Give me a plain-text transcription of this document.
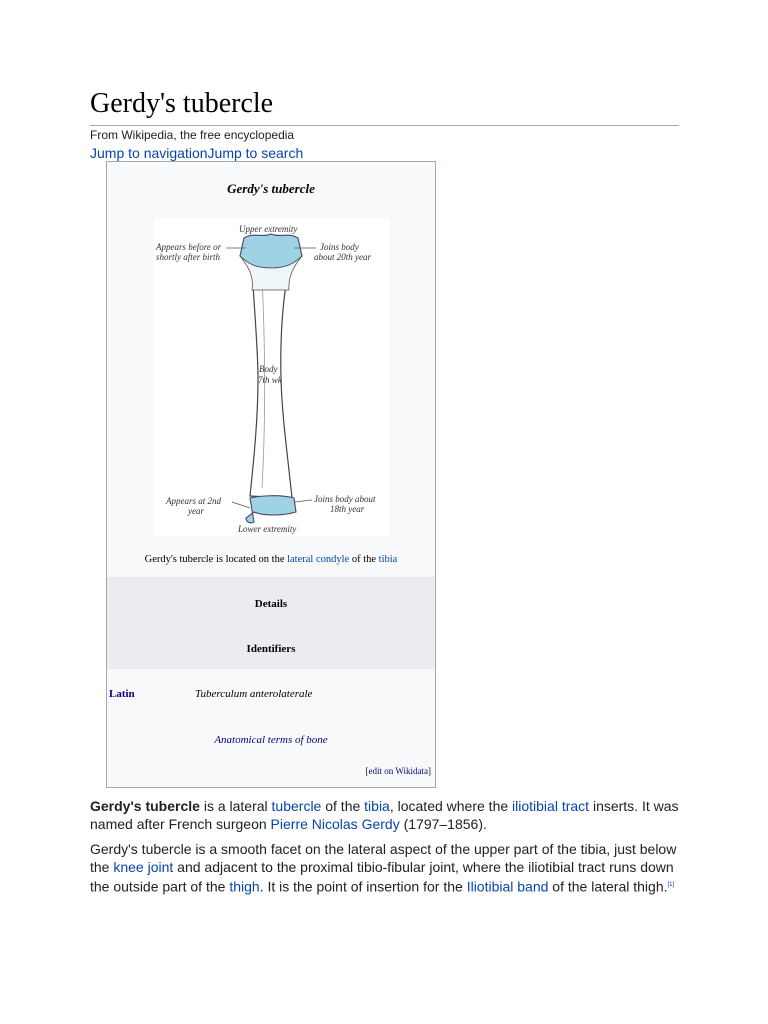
Gerdy's tubercle
From Wikipedia, the free encyclopedia
Jump to navigationJump to search
Gerdy's tubercle
Upper extremity
Appears before or
shortly after birth
Joins body
about 20th year
Body
7th wk
Appears at 2nd
year
Joins body about
18th year
Lower extremity
Gerdy's tubercle is located on the lateral condyle of the tibia
Details
Identifiers
Latin	Tuberculum anterolaterale
Anatomical terms of bone
[edit on Wikidata]

Gerdy's tubercle is a lateral tubercle of the tibia, located where the iliotibial tract inserts. It was named after French surgeon Pierre Nicolas Gerdy (1797–1856).

Gerdy's tubercle is a smooth facet on the lateral aspect of the upper part of the tibia, just below the knee joint and adjacent to the proximal tibio-fibular joint, where the iliotibial tract runs down the outside part of the thigh. It is the point of insertion for the Iliotibial band of the lateral thigh.[1]
